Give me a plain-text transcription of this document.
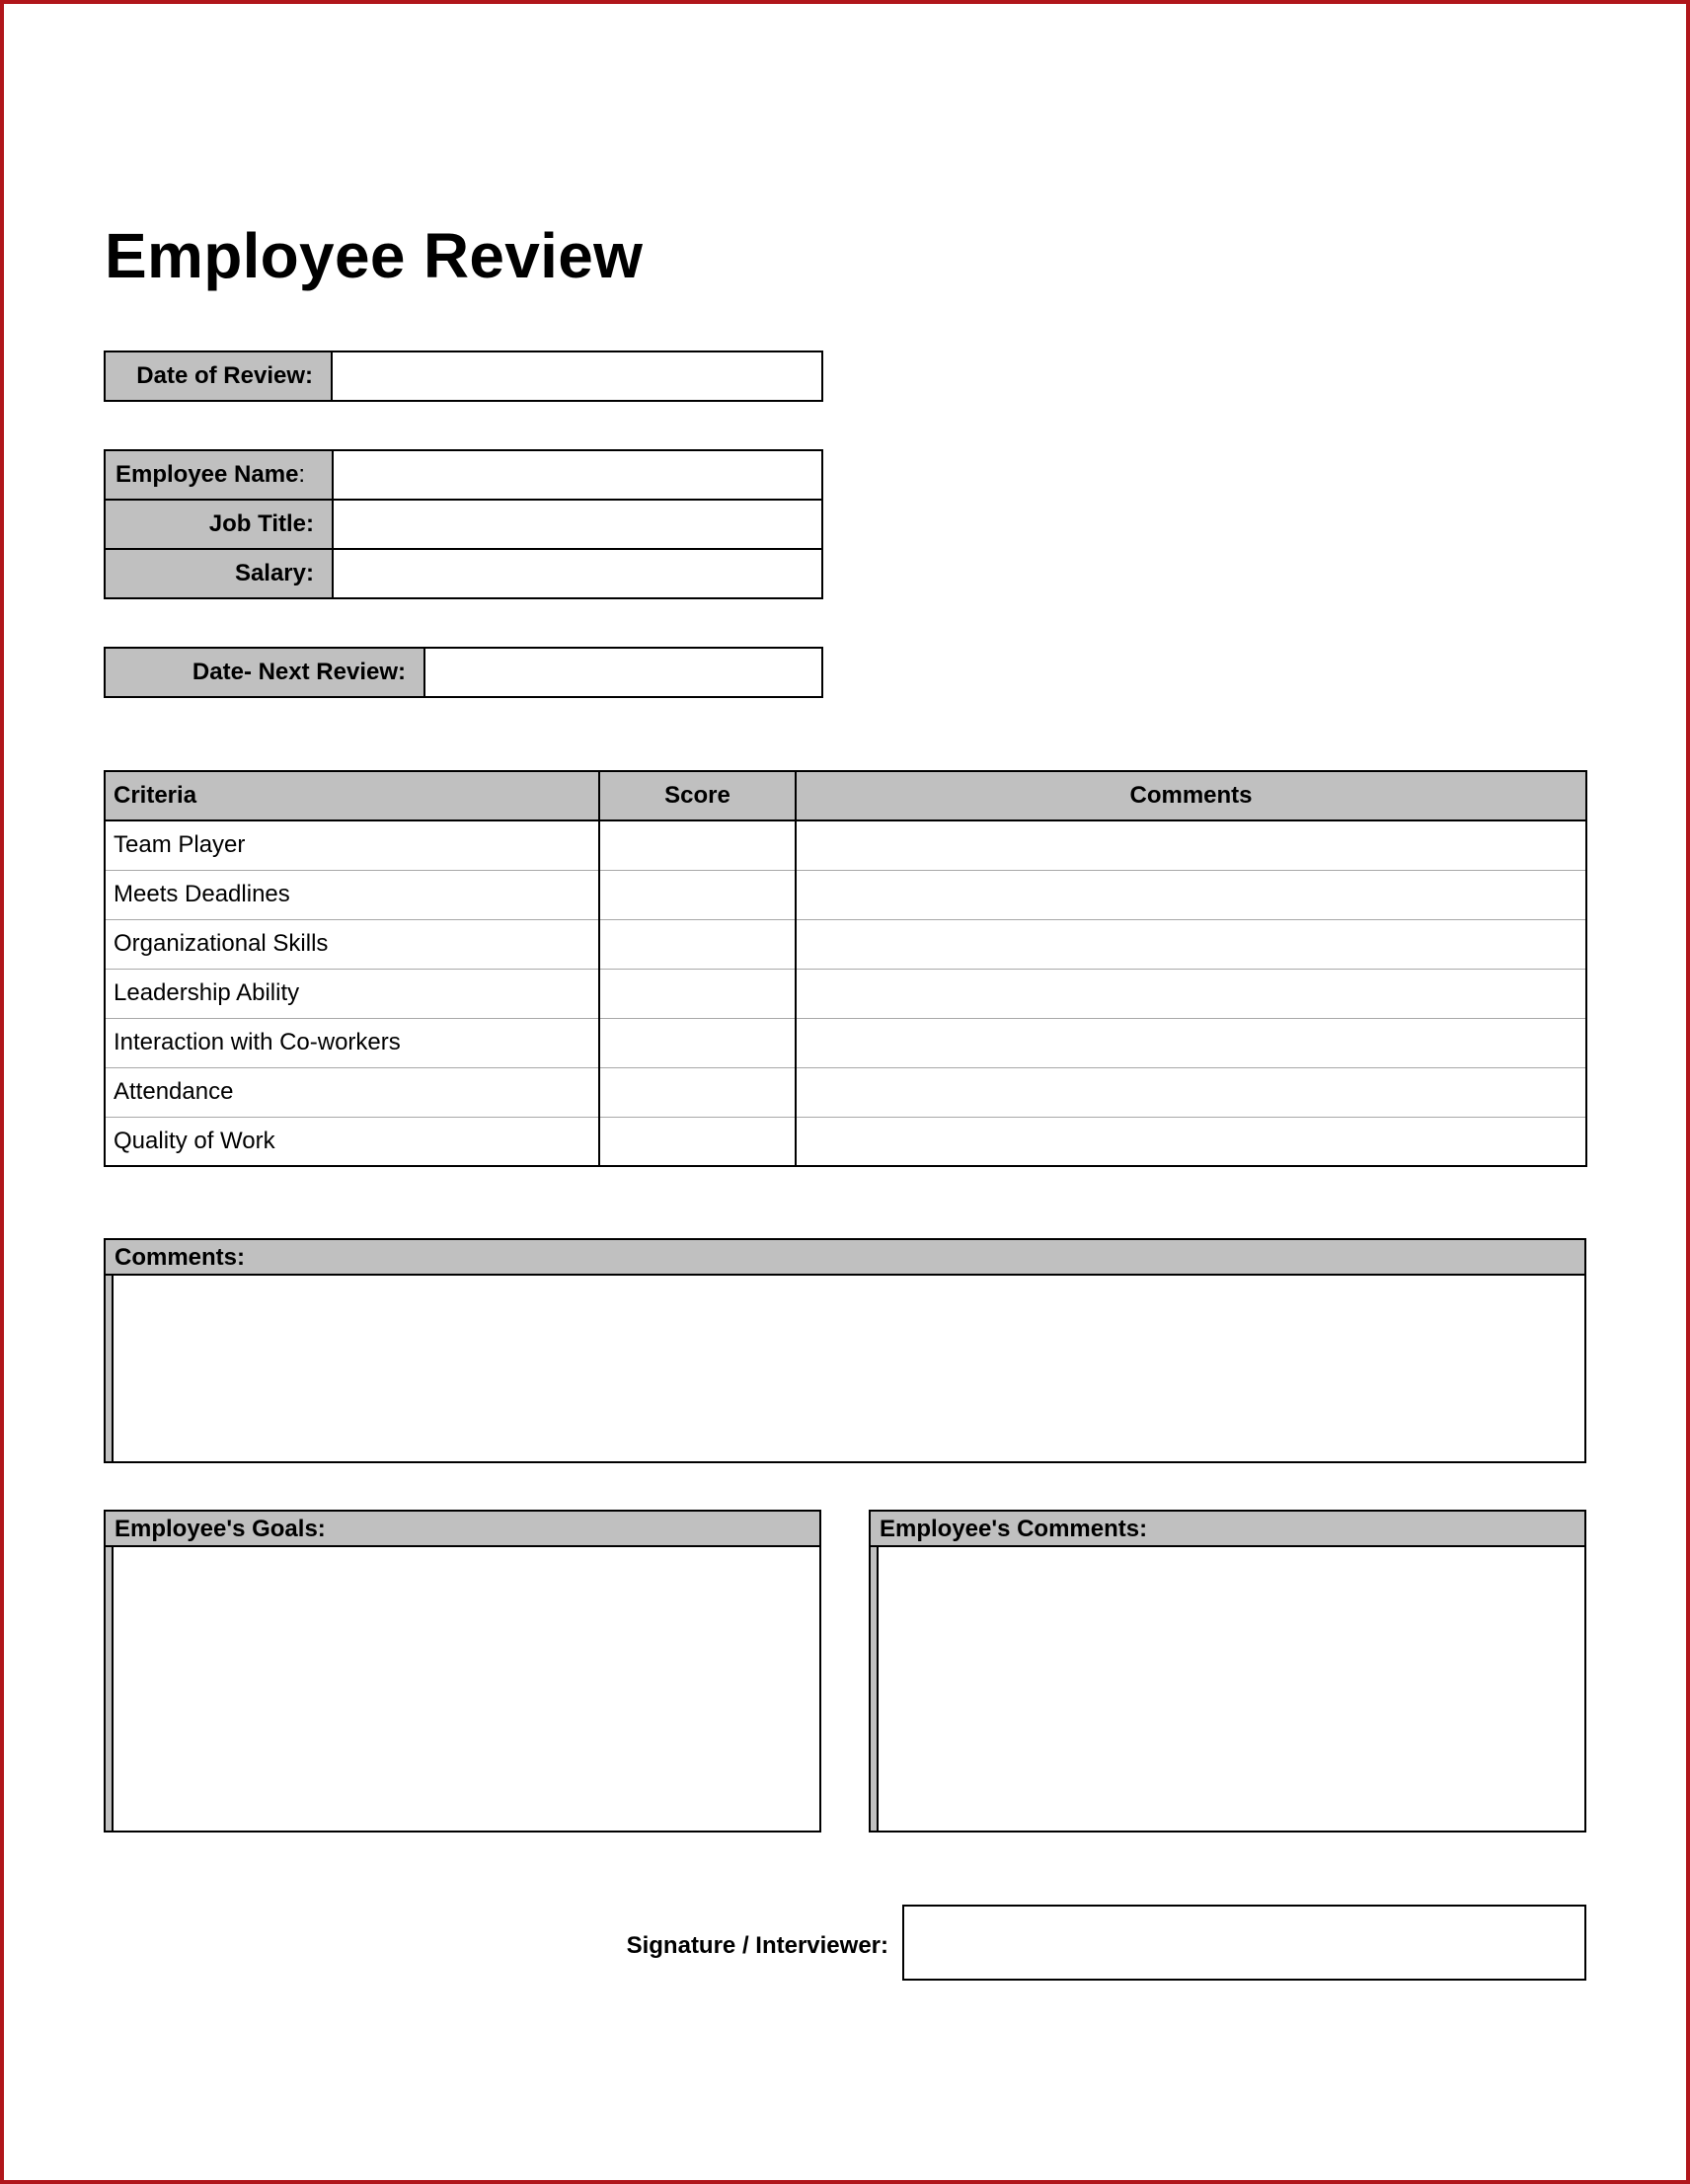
Employee Review
Date of Review:	
Employee Name:	
Job Title:	
Salary:	
Date- Next Review:	
Criteria	Score	Comments
Team Player		
Meets Deadlines		
Organizational Skills		
Leadership Ability		
Interaction with Co-workers		
Attendance		
Quality of Work		
Comments:
Employee's Goals:	Employee's Comments:
Signature / Interviewer:
